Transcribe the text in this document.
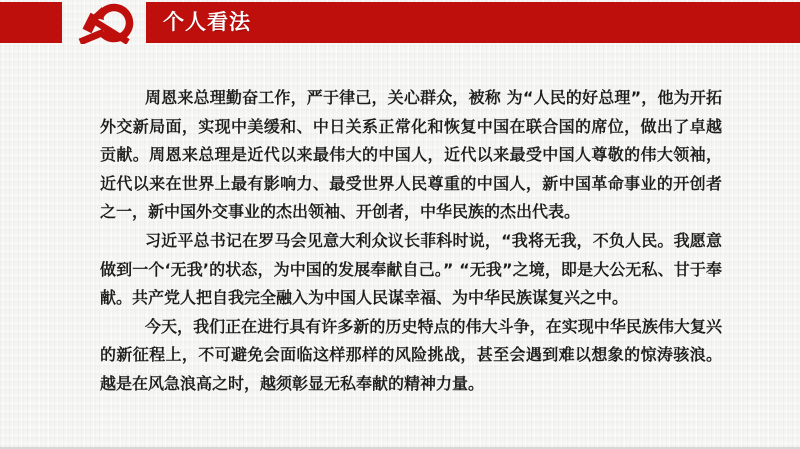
个人看法

周恩来总理勤奋工作，严于律己，关心群众，被称 为“人民的好总理”，他为开拓外交新局面，实现中美缓和、中日关系正常化和恢复中国在联合国的席位，做出了卓越贡献。周恩来总理是近代以来最伟大的中国人，近代以来最受中国人尊敬的伟大领袖，近代以来在世界上最有影响力、最受世界人民尊重的中国人，新中国革命事业的开创者之一，新中国外交事业的杰出领袖、开创者，中华民族的杰出代表。

习近平总书记在罗马会见意大利众议长菲科时说，“我将无我，不负人民。我愿意做到一个‘无我’的状态，为中国的发展奉献自己。” “无我”之境，即是大公无私、甘于奉献。共产党人把自我完全融入为中国人民谋幸福、为中华民族谋复兴之中。

今天，我们正在进行具有许多新的历史特点的伟大斗争，在实现中华民族伟大复兴的新征程上，不可避免会面临这样那样的风险挑战，甚至会遇到难以想象的惊涛骇浪。越是在风急浪高之时，越须彰显无私奉献的精神力量。
